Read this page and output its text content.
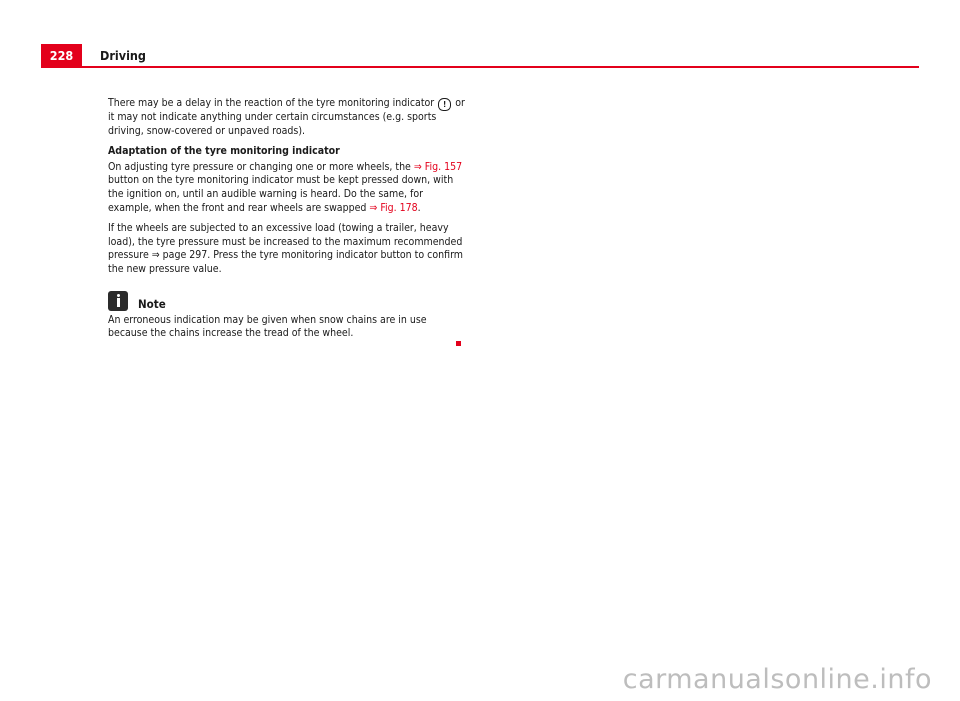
228	Driving

There may be a delay in the reaction of the tyre monitoring indicator ! or it may not indicate anything under certain circumstances (e.g. sports driving, snow-covered or unpaved roads).

Adaptation of the tyre monitoring indicator

On adjusting tyre pressure or changing one or more wheels, the ⇒ Fig. 157 button on the tyre monitoring indicator must be kept pressed down, with the ignition on, until an audible warning is heard. Do the same, for example, when the front and rear wheels are swapped ⇒ Fig. 178.

If the wheels are subjected to an excessive load (towing a trailer, heavy load), the tyre pressure must be increased to the maximum recommended pressure ⇒ page 297. Press the tyre monitoring indicator button to confirm the new pressure value.

Note

An erroneous indication may be given when snow chains are in use because the chains increase the tread of the wheel.

carmanualsonline.info
